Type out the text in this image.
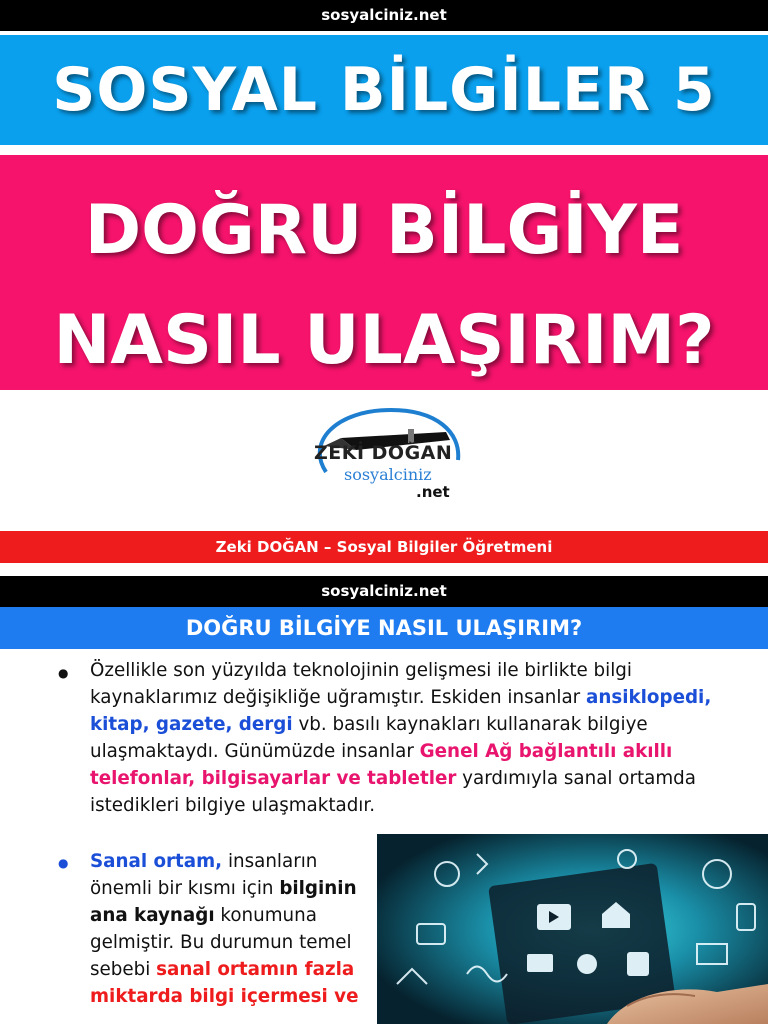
sosyalciniz.net
SOSYAL BİLGİLER 5
DOĞRU BİLGİYE
NASIL ULAŞIRIM?
ZEKİ DOĞAN
sosyalciniz
.net
Zeki DOĞAN – Sosyal Bilgiler Öğretmeni
sosyalciniz.net
DOĞRU BİLGİYE NASIL ULAŞIRIM?
● Özellikle son yüzyılda teknolojinin gelişmesi ile birlikte bilgi kaynaklarımız değişikliğe uğramıştır. Eskiden insanlar ansiklopedi, kitap, gazete, dergi vb. basılı kaynakları kullanarak bilgiye ulaşmaktaydı. Günümüzde insanlar Genel Ağ bağlantılı akıllı telefonlar, bilgisayarlar ve tabletler yardımıyla sanal ortamda istedikleri bilgiye ulaşmaktadır.
● Sanal ortam, insanların önemli bir kısmı için bilginin ana kaynağı konumuna gelmiştir. Bu durumun temel sebebi sanal ortamın fazla miktarda bilgi içermesi ve
